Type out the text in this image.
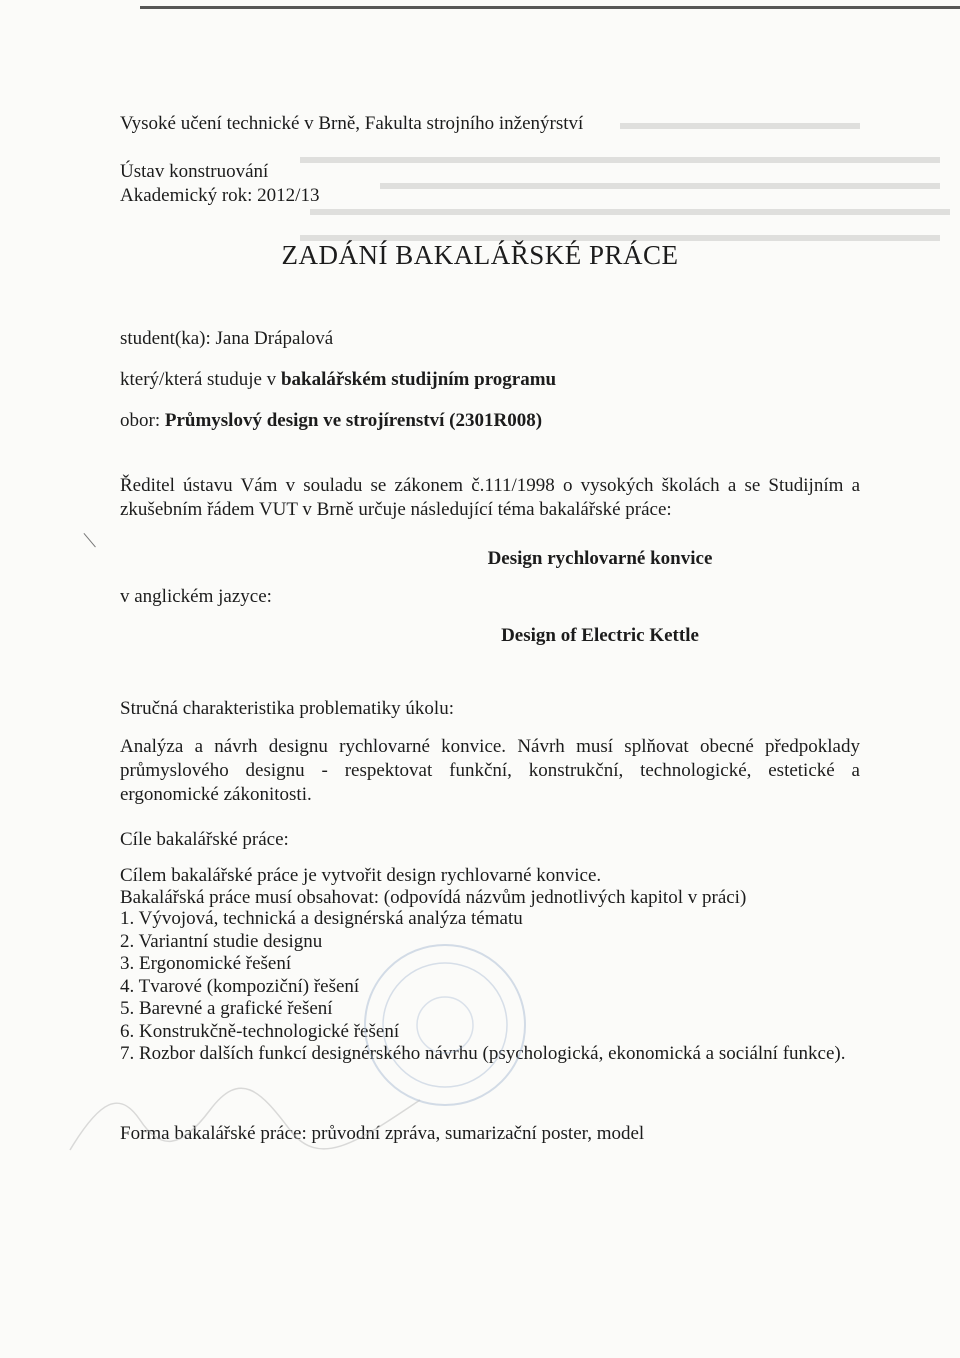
▬▬▬▬▬▬▬▬▬▬▬▬
▬▬▬▬▬▬▬▬▬▬▬▬▬▬▬▬▬▬▬▬▬▬▬▬▬▬▬▬▬▬▬▬
▬▬▬▬▬▬▬▬▬▬▬▬▬▬▬▬▬▬▬▬▬▬▬▬▬▬▬▬
▬▬▬▬▬▬▬▬▬▬▬▬▬▬▬▬▬▬▬▬▬▬▬▬▬▬▬▬▬▬▬▬
▬▬▬▬▬▬▬▬▬▬▬▬▬▬▬▬▬▬▬▬▬▬▬▬▬▬▬▬▬▬▬▬
Vysoké učení technické v Brně, Fakulta strojního inženýrství
Ústav konstruování
Akademický rok: 2012/13
ZADÁNÍ BAKALÁŘSKÉ PRÁCE
student(ka): Jana Drápalová
který/která studuje v bakalářském studijním programu
obor: Průmyslový design ve strojírenství (2301R008)
Ředitel ústavu Vám v souladu se zákonem č.111/1998 o vysokých školách a se Studijním a zkušebním řádem VUT v Brně určuje následující téma bakalářské práce:
Design rychlovarné konvice
v anglickém jazyce:
Design of Electric Kettle
Stručná charakteristika problematiky úkolu:
Analýza a návrh designu rychlovarné konvice. Návrh musí splňovat obecné předpoklady průmyslového designu - respektovat funkční, konstrukční, technologické, estetické a ergonomické zákonitosti.
Cíle bakalářské práce:
Cílem bakalářské práce je vytvořit design rychlovarné konvice.
Bakalářská práce musí obsahovat: (odpovídá názvům jednotlivých kapitol v práci)
1. Vývojová, technická a designérská analýza tématu
2. Variantní studie designu
3. Ergonomické řešení
4. Tvarové (kompoziční) řešení
5. Barevné a grafické řešení
6. Konstrukčně-technologické řešení
7. Rozbor dalších funkcí designérského návrhu (psychologická, ekonomická a sociální funkce).
Forma bakalářské práce: průvodní zpráva, sumarizační poster, model
